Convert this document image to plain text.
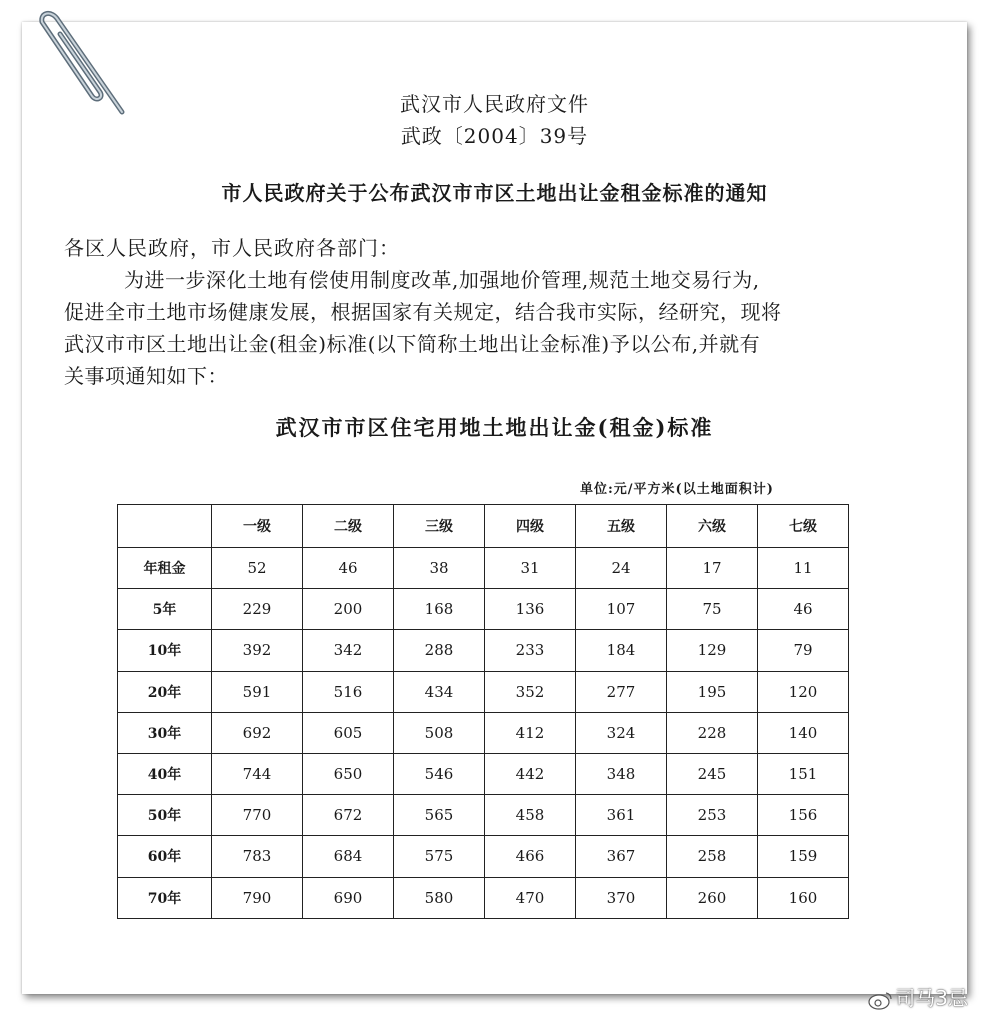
武汉市人民政府文件
武政〔2004〕39号
市人民政府关于公布武汉市市区土地出让金租金标准的通知
各区人民政府，市人民政府各部门：
为进一步深化土地有偿使用制度改革,加强地价管理,规范土地交易行为,
促进全市土地市场健康发展，根据国家有关规定，结合我市实际，经研究，现将
武汉市市区土地出让金(租金)标准(以下简称土地出让金标准)予以公布,并就有
关事项通知如下：
武汉市市区住宅用地土地出让金(租金)标准
单位:元/平方米(以土地面积计)
	一级	二级	三级	四级	五级	六级	七级
年租金	52	46	38	31	24	17	11
5年	229	200	168	136	107	75	46
10年	392	342	288	233	184	129	79
20年	591	516	434	352	277	195	120
30年	692	605	508	412	324	228	140
40年	744	650	546	442	348	245	151
50年	770	672	565	458	361	253	156
60年	783	684	575	466	367	258	159
70年	790	690	580	470	370	260	160
司马3忌
